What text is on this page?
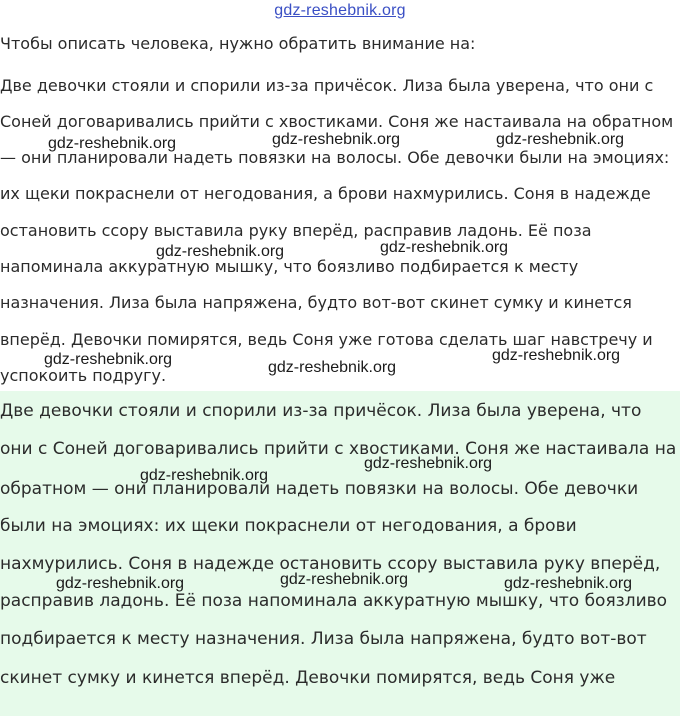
gdz-reshebnik.org
Чтобы описать человека, нужно обратить внимание на:
Две девочки стояли и спорили из-за причёсок. Лиза была уверена, что они с
Соней договаривались прийти с хвостиками. Соня же настаивала на обратном
— они планировали надеть повязки на волосы. Обе девочки были на эмоциях:
их щеки покраснели от негодования, а брови нахмурились. Соня в надежде
остановить ссору выставила руку вперёд, расправив ладонь. Её поза
напоминала аккуратную мышку, что боязливо подбирается к месту
назначения. Лиза была напряжена, будто вот-вот скинет сумку и кинется
вперёд. Девочки помирятся, ведь Соня уже готова сделать шаг навстречу и
успокоить подругу.
Две девочки стояли и спорили из-за причёсок. Лиза была уверена, что
они с Соней договаривались прийти с хвостиками. Соня же настаивала на
обратном — они планировали надеть повязки на волосы. Обе девочки
были на эмоциях: их щеки покраснели от негодования, а брови
нахмурились. Соня в надежде остановить ссору выставила руку вперёд,
расправив ладонь. Её поза напоминала аккуратную мышку, что боязливо
подбирается к месту назначения. Лиза была напряжена, будто вот-вот
скинет сумку и кинется вперёд. Девочки помирятся, ведь Соня уже
gdz-reshebnik.org	gdz-reshebnik.org	gdz-reshebnik.org
gdz-reshebnik.org	gdz-reshebnik.org
gdz-reshebnik.org	gdz-reshebnik.org
gdz-reshebnik.org
gdz-reshebnik.org
gdz-reshebnik.org
gdz-reshebnik.org	gdz-reshebnik.org	gdz-reshebnik.org
